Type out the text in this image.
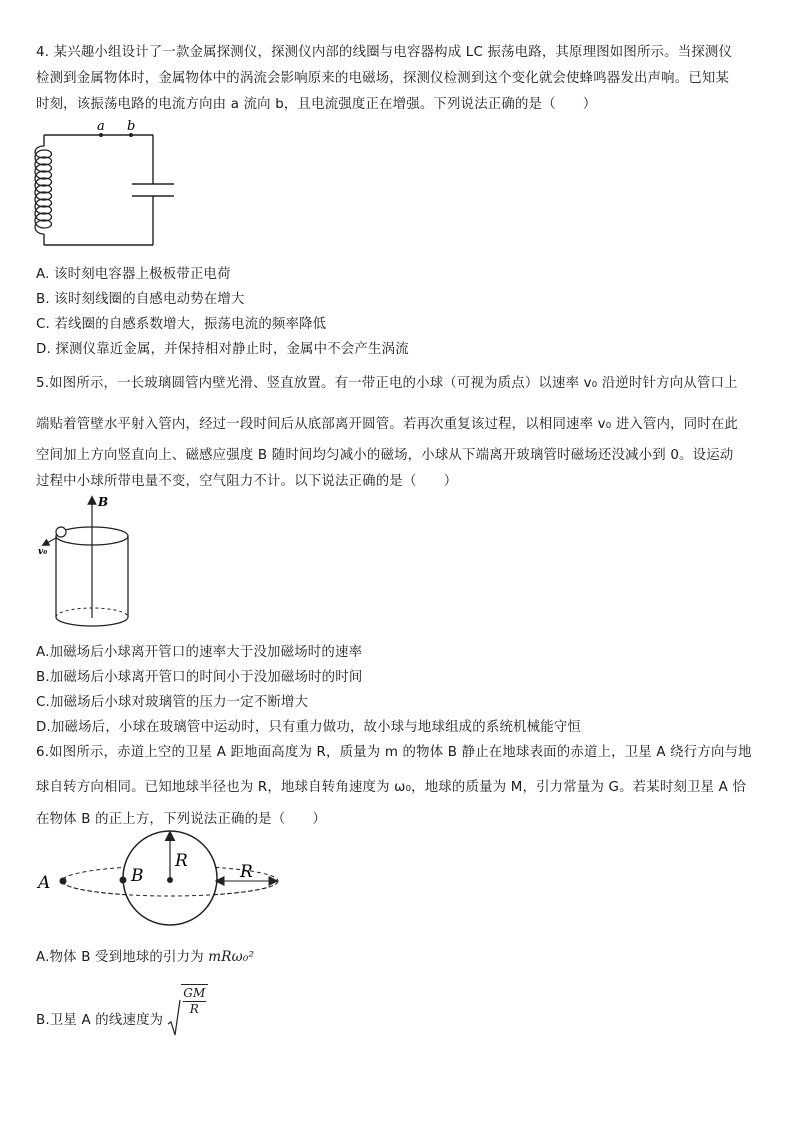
4. 某兴趣小组设计了一款金属探测仪，探测仪内部的线圈与电容器构成 LC 振荡电路，其原理图如图所示。当探测仪
检测到金属物体时，金属物体中的涡流会影响原来的电磁场，探测仪检测到这个变化就会使蜂鸣器发出声响。已知某
时刻，该振荡电路的电流方向由 a 流向 b，且电流强度正在增强。下列说法正确的是（　　）
a b
A. 该时刻电容器上极板带正电荷
B. 该时刻线圈的自感电动势在增大
C. 若线圈的自感系数增大，振荡电流的频率降低
D. 探测仪靠近金属，并保持相对静止时，金属中不会产生涡流
5.如图所示，一长玻璃圆管内壁光滑、竖直放置。有一带正电的小球（可视为质点）以速率 v₀ 沿逆时针方向从管口上
端贴着管壁水平射入管内，经过一段时间后从底部离开圆管。若再次重复该过程，以相同速率 v₀ 进入管内，同时在此
空间加上方向竖直向上、磁感应强度 B 随时间均匀减小的磁场，小球从下端离开玻璃管时磁场还没减小到 0。设运动
过程中小球所带电量不变，空气阻力不计。以下说法正确的是（　　）
B
v₀
A.加磁场后小球离开管口的速率大于没加磁场时的速率
B.加磁场后小球离开管口的时间小于没加磁场时的时间
C.加磁场后小球对玻璃管的压力一定不断增大
D.加磁场后，小球在玻璃管中运动时，只有重力做功，故小球与地球组成的系统机械能守恒
6.如图所示，赤道上空的卫星 A 距地面高度为 R，质量为 m 的物体 B 静止在地球表面的赤道上，卫星 A 绕行方向与地
球自转方向相同。已知地球半径也为 R，地球自转角速度为 ω₀，地球的质量为 M，引力常量为 G。若某时刻卫星 A 恰
在物体 B 的正上方，下列说法正确的是（　　）
A	B
R
R
A.物体 B 受到地球的引力为 mRω₀²
B.卫星 A 的线速度为
GM
R
